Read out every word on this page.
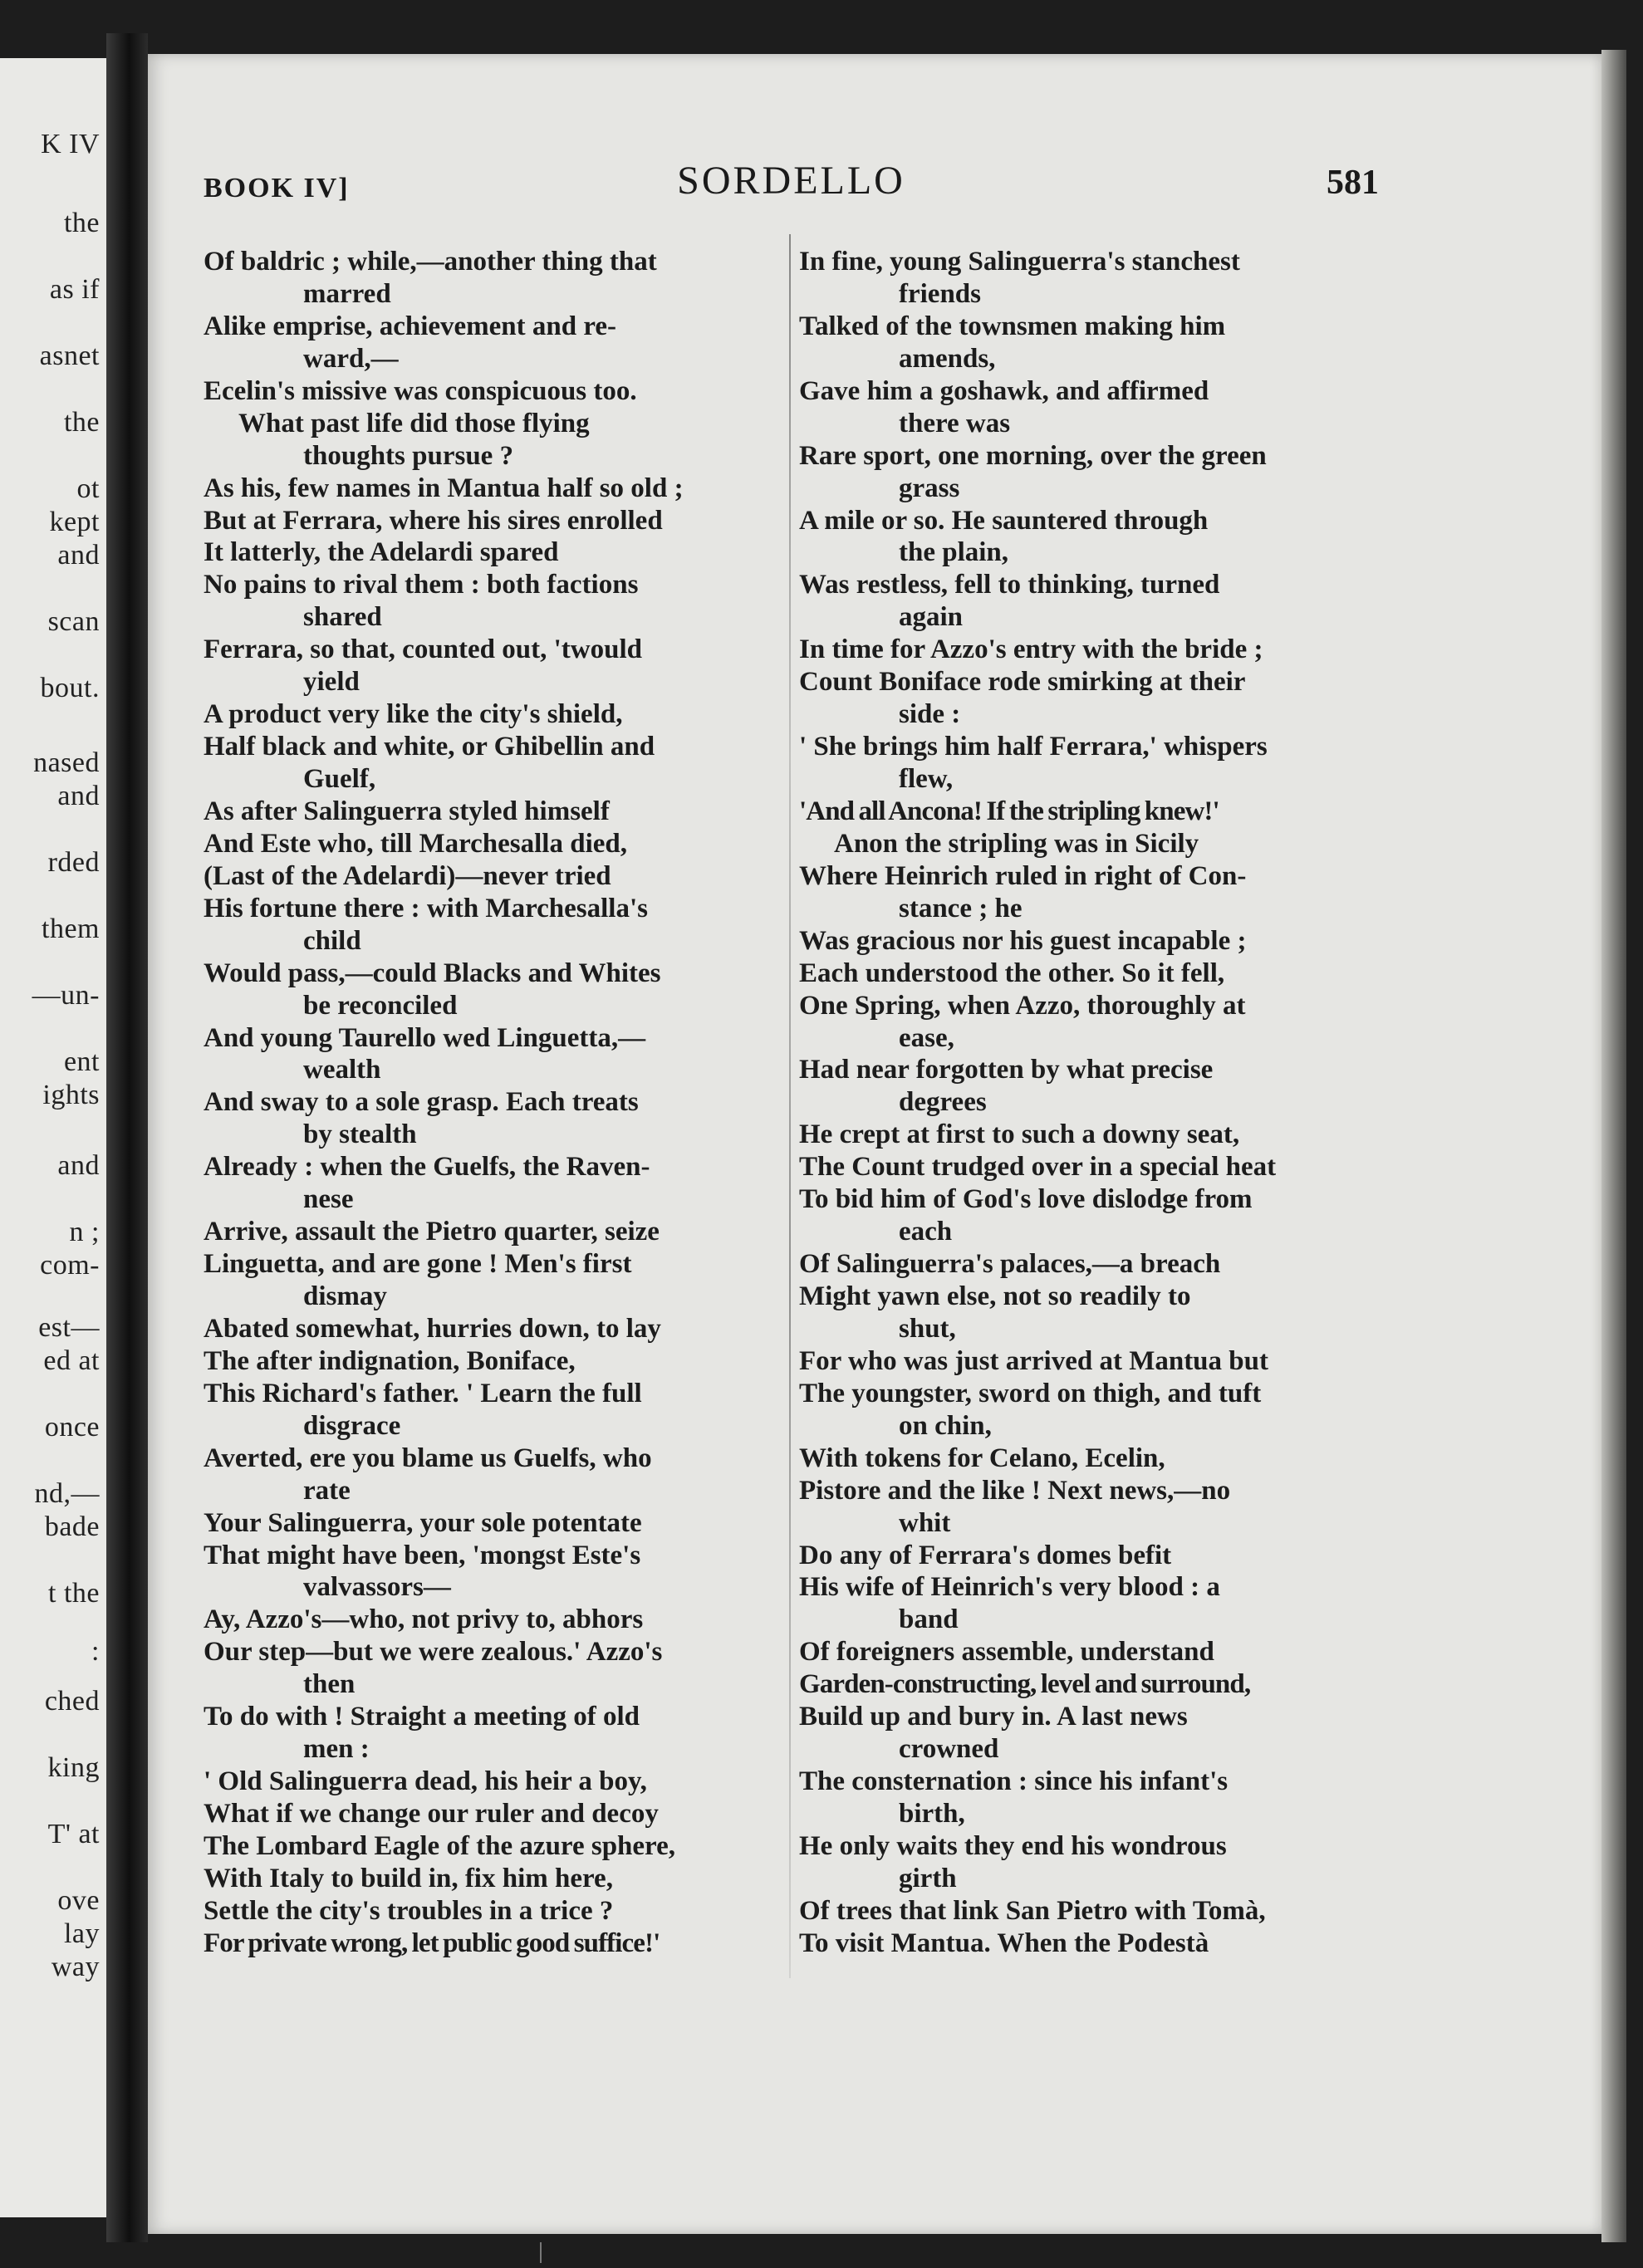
K IV
the
as if
asnet
the
ot
kept
and
scan
bout.
nased
and
rded
them
—un-
ent
ights
and
n ;
com-
est—
ed at
once
nd,—
bade
t the
:
ched
king
T' at
ove
lay
way
BOOK IV]	SORDELLO	581
Of baldric ; while,—another thing that
marred
Alike emprise, achievement and re-
ward,—
Ecelin's missive was conspicuous too.
What past life did those flying
thoughts pursue ?
As his, few names in Mantua half so old ;
But at Ferrara, where his sires enrolled
It latterly, the Adelardi spared
No pains to rival them : both factions
shared
Ferrara, so that, counted out, 'twould
yield
A product very like the city's shield,
Half black and white, or Ghibellin and
Guelf,
As after Salinguerra styled himself
And Este who, till Marchesalla died,
(Last of the Adelardi)—never tried
His fortune there : with Marchesalla's
child
Would pass,—could Blacks and Whites
be reconciled
And young Taurello wed Linguetta,—
wealth
And sway to a sole grasp. Each treats
by stealth
Already : when the Guelfs, the Raven-
nese
Arrive, assault the Pietro quarter, seize
Linguetta, and are gone ! Men's first
dismay
Abated somewhat, hurries down, to lay
The after indignation, Boniface,
This Richard's father. ' Learn the full
disgrace
Averted, ere you blame us Guelfs, who
rate
Your Salinguerra, your sole potentate
That might have been, 'mongst Este's
valvassors—
Ay, Azzo's—who, not privy to, abhors
Our step—but we were zealous.' Azzo's
then
To do with ! Straight a meeting of old
men :
' Old Salinguerra dead, his heir a boy,
What if we change our ruler and decoy
The Lombard Eagle of the azure sphere,
With Italy to build in, fix him here,
Settle the city's troubles in a trice ?
For private wrong, let public good suffice!'
In fine, young Salinguerra's stanchest
friends
Talked of the townsmen making him
amends,
Gave him a goshawk, and affirmed
there was
Rare sport, one morning, over the green
grass
A mile or so. He sauntered through
the plain,
Was restless, fell to thinking, turned
again
In time for Azzo's entry with the bride ;
Count Boniface rode smirking at their
side :
' She brings him half Ferrara,' whispers
flew,
'And all Ancona! If the stripling knew!'
Anon the stripling was in Sicily
Where Heinrich ruled in right of Con-
stance ; he
Was gracious nor his guest incapable ;
Each understood the other. So it fell,
One Spring, when Azzo, thoroughly at
ease,
Had near forgotten by what precise
degrees
He crept at first to such a downy seat,
The Count trudged over in a special heat
To bid him of God's love dislodge from
each
Of Salinguerra's palaces,—a breach
Might yawn else, not so readily to
shut,
For who was just arrived at Mantua but
The youngster, sword on thigh, and tuft
on chin,
With tokens for Celano, Ecelin,
Pistore and the like ! Next news,—no
whit
Do any of Ferrara's domes befit
His wife of Heinrich's very blood : a
band
Of foreigners assemble, understand
Garden-constructing, level and surround,
Build up and bury in. A last news
crowned
The consternation : since his infant's
birth,
He only waits they end his wondrous
girth
Of trees that link San Pietro with Tomà,
To visit Mantua. When the Podestà
